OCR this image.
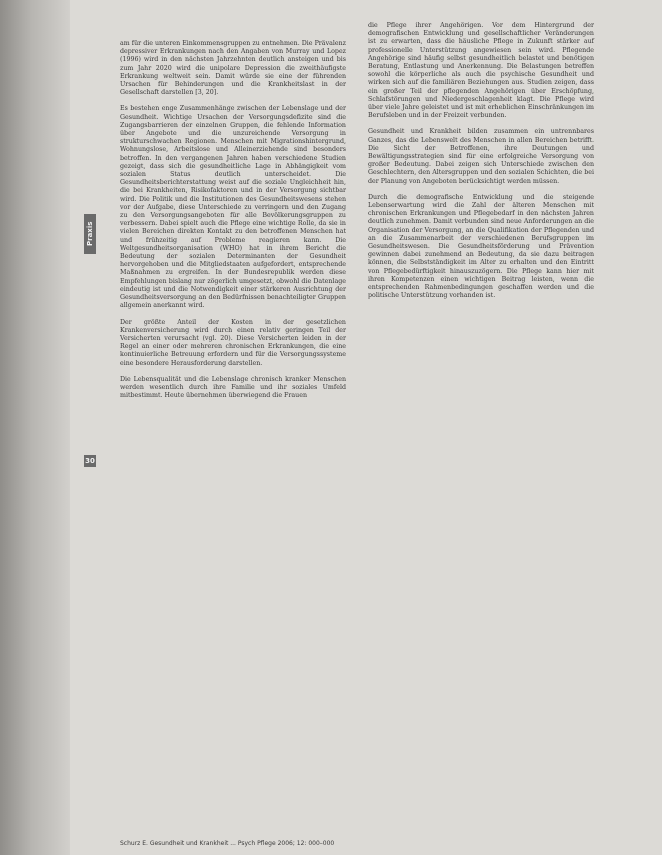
Praxis
30

am für die unteren Einkommensgruppen zu entnehmen. Die Prävalenz depressiver Erkrankungen nach den Angaben von Murray und Lopez (1996) wird in den nächsten Jahrzehnten deutlich ansteigen und bis zum Jahr 2020 wird die unipolare Depression die zweithäufigste Erkrankung weltweit sein. Damit würde sie eine der führenden Ursachen für Behinderungen und die Krankheitslast in der Gesellschaft darstellen [3, 20].

Es bestehen enge Zusammenhänge zwischen der Lebenslage und der Gesundheit. Wichtige Ursachen der Versorgungsdefizite sind die Zugangsbarrieren der einzelnen Gruppen, die fehlende Information über Angebote und die unzureichende Versorgung in strukturschwachen Regionen. Menschen mit Migrationshintergrund, Wohnungslose, Arbeitslose und Alleinerziehende sind besonders betroffen. In den vergangenen Jahren haben verschiedene Studien gezeigt, dass sich die gesundheitliche Lage in Abhängigkeit vom sozialen Status deutlich unterscheidet. Die Gesundheitsberichterstattung weist auf die soziale Ungleichheit hin, die bei Krankheiten, Risikofaktoren und in der Versorgung sichtbar wird. Die Politik und die Institutionen des Gesundheitswesens stehen vor der Aufgabe, diese Unterschiede zu verringern und den Zugang zu den Versorgungsangeboten für alle Bevölkerungsgruppen zu verbessern. Dabei spielt auch die Pflege eine wichtige Rolle, da sie in vielen Bereichen direkten Kontakt zu den betroffenen Menschen hat und frühzeitig auf Probleme reagieren kann. Die Weltgesundheitsorganisation (WHO) hat in ihrem Bericht die Bedeutung der sozialen Determinanten der Gesundheit hervorgehoben und die Mitgliedstaaten aufgefordert, entsprechende Maßnahmen zu ergreifen. In der Bundesrepublik werden diese Empfehlungen bislang nur zögerlich umgesetzt, obwohl die Datenlage eindeutig ist und die Notwendigkeit einer stärkeren Ausrichtung der Gesundheitsversorgung an den Bedürfnissen benachteiligter Gruppen allgemein anerkannt wird.

Der größte Anteil der Kosten in der gesetzlichen Krankenversicherung wird durch einen relativ geringen Teil der Versicherten verursacht (vgl. 20). Diese Versicherten leiden in der Regel an einer oder mehreren chronischen Erkrankungen, die eine kontinuierliche Betreuung erfordern und für die Versorgungssysteme eine besondere Herausforderung darstellen.

Die Lebensqualität und die Lebenslage chronisch kranker Menschen werden wesentlich durch ihre Familie und ihr soziales Umfeld mitbestimmt. Heute übernehmen überwiegend die Frauen

die Pflege ihrer Angehörigen. Vor dem Hintergrund der demografischen Entwicklung und gesellschaftlicher Veränderungen ist zu erwarten, dass die häusliche Pflege in Zukunft stärker auf professionelle Unterstützung angewiesen sein wird. Pflegende Angehörige sind häufig selbst gesundheitlich belastet und benötigen Beratung, Entlastung und Anerkennung. Die Belastungen betreffen sowohl die körperliche als auch die psychische Gesundheit und wirken sich auf die familiären Beziehungen aus. Studien zeigen, dass ein großer Teil der pflegenden Angehörigen über Erschöpfung, Schlafstörungen und Niedergeschlagenheit klagt. Die Pflege wird über viele Jahre geleistet und ist mit erheblichen Einschränkungen im Berufsleben und in der Freizeit verbunden.

Gesundheit und Krankheit bilden zusammen ein untrennbares Ganzes, das die Lebenswelt des Menschen in allen Bereichen betrifft. Die Sicht der Betroffenen, ihre Deutungen und Bewältigungsstrategien sind für eine erfolgreiche Versorgung von großer Bedeutung. Dabei zeigen sich Unterschiede zwischen den Geschlechtern, den Altersgruppen und den sozialen Schichten, die bei der Planung von Angeboten berücksichtigt werden müssen.

Durch die demografische Entwicklung und die steigende Lebenserwartung wird die Zahl der älteren Menschen mit chronischen Erkrankungen und Pflegebedarf in den nächsten Jahren deutlich zunehmen. Damit verbunden sind neue Anforderungen an die Organisation der Versorgung, an die Qualifikation der Pflegenden und an die Zusammenarbeit der verschiedenen Berufsgruppen im Gesundheitswesen. Die Gesundheitsförderung und Prävention gewinnen dabei zunehmend an Bedeutung, da sie dazu beitragen können, die Selbstständigkeit im Alter zu erhalten und den Eintritt von Pflegebedürftigkeit hinauszuzögern. Die Pflege kann hier mit ihren Kompetenzen einen wichtigen Beitrag leisten, wenn die entsprechenden Rahmenbedingungen geschaffen werden und die politische Unterstützung vorhanden ist.

Schurz E. Gesundheit und Krankheit ... Psych Pflege 2006; 12: 000–000
